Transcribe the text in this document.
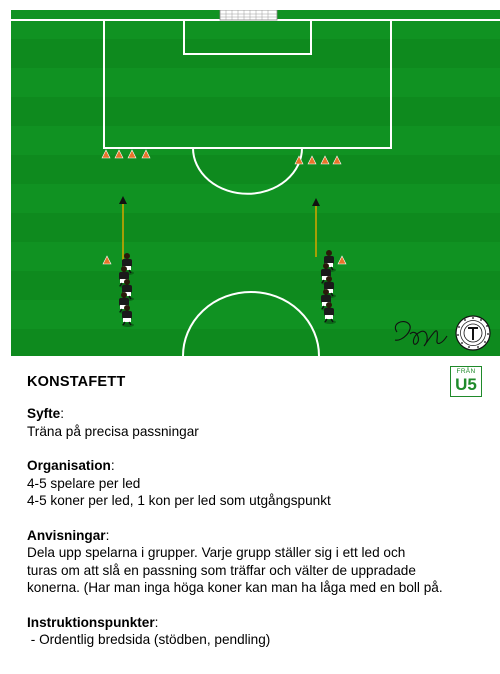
KONSTAFETT
FRÅN
U5
Syfte:
Träna på precisa passningar
Organisation:
4-5 spelare per led
4-5 koner per led, 1 kon per led som utgångspunkt
Anvisningar:
Dela upp spelarna i grupper. Varje grupp ställer sig i ett led och
turas om att slå en passning som träffar och välter de uppradade
konerna. (Har man inga höga koner kan man ha låga med en boll på.
Instruktionspunkter:
- Ordentlig bredsida (stödben, pendling)
